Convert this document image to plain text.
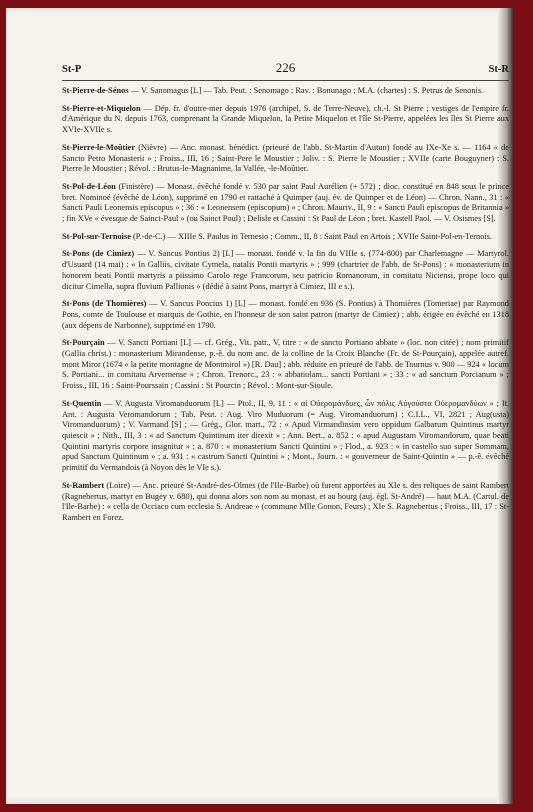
St-P	226	St-R

St-Pierre-de-Sénos — V. Sanomagus [L] — Tab. Peut. : Senomago ; Rav. : Bonunago ; M.A. (chartes) : S. Petrus de Senonis.

St-Pierre-et-Miquelon — Dép. fr. d'outre-mer depuis 1976 (archipel, S. de Terre-Neuve), ch.-l. St Pierre ; vestiges de l'empire fr. d'Amérique du N. depuis 1763, comprenant la Grande Miquelon, la Petite Miquelon et l'île St-Pierre, appelées les îles St Pierre aux XVIe-XVIIe s.

St-Pierre-le-Moûtier (Nièvre) — Anc. monast. bénédict. (prieuré de l'abb. St-Martin d'Autun) fondé au IXe-Xe s. — 1164 « de Sancto Petro Monasterii » ; Froiss., III, 16 ; Saint-Pere le Moustier ; Joliv. : S. Pierre le Moustier ; XVIIe (carte Bouguyner) : S. Pierre le Moustier ; Révol. : Brutus-le-Magnanime, la Vallée, -le-Moûtier.

St-Pol-de-Léon (Finistère) — Monast. évêché fondé v. 530 par saint Paul Aurélien (+ 572) ; dioc. constitué en 848 sous le prince bret. Nominoé (évêché de Léon), supprimé en 1790 et rattaché à Quimper (auj. év. de Quimper et de Léon) — Chron. Nann., 31 : « Sancti Pauli Leonensis episcopus » ; 36 : « Leonensem (episcopum) » ; Chron. Mauriv., II, 9 : « Sancti Pauli episcopus de Britannia » ; fin XVe « évesque de Sainct-Paul » (ou Sainct Poul) ; Delisle et Cassini : St Paul de Léon ; bret. Kastell Paol. — V. Osismes [S].

St-Pol-sur-Ternoise (P.-de-C.) — XIIIe S. Paulus in Ternesio ; Comm., II, 8 : Saint Paul en Artois ; XVIIe Saint-Pol-en-Ternois.

St-Pons (de Cimiez) — V. Sancus Pontius 2) [L] — monast. fondé v. la fin du VIIIe s. (774-800) par Charlemagne — Martyrol. d'Usuard (14 mai) : « In Galliis, civitate Cymela, natalis Pontii martyris » ; 999 (chartrier de l'abb. de St-Pons) : « monasterium in honorem beati Pontii martyris a piissimo Carolo rege Francorum, seu patricio Romanorum, in comitatu Niciensi, prope loco qui dicitur Cimella, supra fluvium Pallionis » (dédié à saint Pons, martyr à Cimiez, III e s.).

St-Pons (de Thomières) — V. Sancus Poncius 1) [L] — monast. fondé en 936 (S. Pontius) à Thomières (Tomeriae) par Raymond Pons, comte de Toulouse et marquis de Gothie, en l'honneur de son saint patron (martyr de Cimiez) ; abb. érigée en évêché en 1318 (aux dépens de Narbonne), supprimé en 1790.

St-Pourçain — V. Sancti Portiani [L] — cf. Grég., Vit. patr., V, titre : « de sancto Portiano abbate » (loc. non citée) ; nom primitif (Gallia christ.) : monasterium Mirandense, p.-ê. du nom anc. de la colline de la Croix Blanche (Fr. de St-Pourçain), appelée autref. mont Miror (1674 « la petite montagne de Montmirol ») [R. Dau] ; abb. réduite en prieuré de l'abb. de Tournus v. 900 — 924 « locum S. Portiani... in comitatu Arvernense » ; Chron. Trenorc., 23 : « abbatiolam... sancti Portiani » ; 33 : « ad sanctum Porcianum » ; Froiss., III, 16 : Saint-Pourssain ; Cassini : St Pourcin ; Révol. : Mont-sur-Sioule.

St-Quentin — V. Augusta Viromanduorum [L] — Ptol., II, 9, 11 : « αἱ Οὐεροµάνδυες, ὧν πόλις Αὐγούστα Οὐεροµανδύων » ; It. Ant. : Augusta Veromandorum ; Tab. Peut. : Aug. Viro Muduorum (= Aug. Viromanduorum) ; C.I.L., VI, 2821 ; Aug(usta) Viromanduorum) ; V. Varmand [S] ; — Grég., Glor. mart., 72 : « Apud Virmandinsim vero oppidum Galbarum Quintinus martyr quiescit » ; Nith., III, 3 : « ad Sanctum Quintinum iter direxit » ; Ann. Bert., a. 852 : « apud Augustam Viromandorum, quae beati Quintini martyris corpore insignitur » ; a. 870 : « monasterium Sancti Quintini » ; Flod., a. 923 : « in castello suo super Sommam, apud Sanctum Quintinum » ; a. 931 : « castrum Sancti Quintini » ; Mont., Journ. : « gouverneur de Saint-Quintin » — p.-ê. évêché primitif du Vermandois (à Noyon dès le VIe s.).

St-Rambert (Loire) — Anc. prieuré St-André-des-Olmes (de l'Ile-Barbe) où furent apportées au XIe s. des reliques de saint Rambert (Ragnebertus, martyr en Bugey v. 680), qui donna alors son nom au monast. et au bourg (auj. égl. St-André) — haut M.A. (Cartul. de l'Ile-Barbe) : « cella de Occiaco cum ecclesia S. Andreae » (commune Mlle Gonon, Feurs) ; XIe S. Ragnebertus ; Froiss., III, 17 : St-Rambert en Forez.
